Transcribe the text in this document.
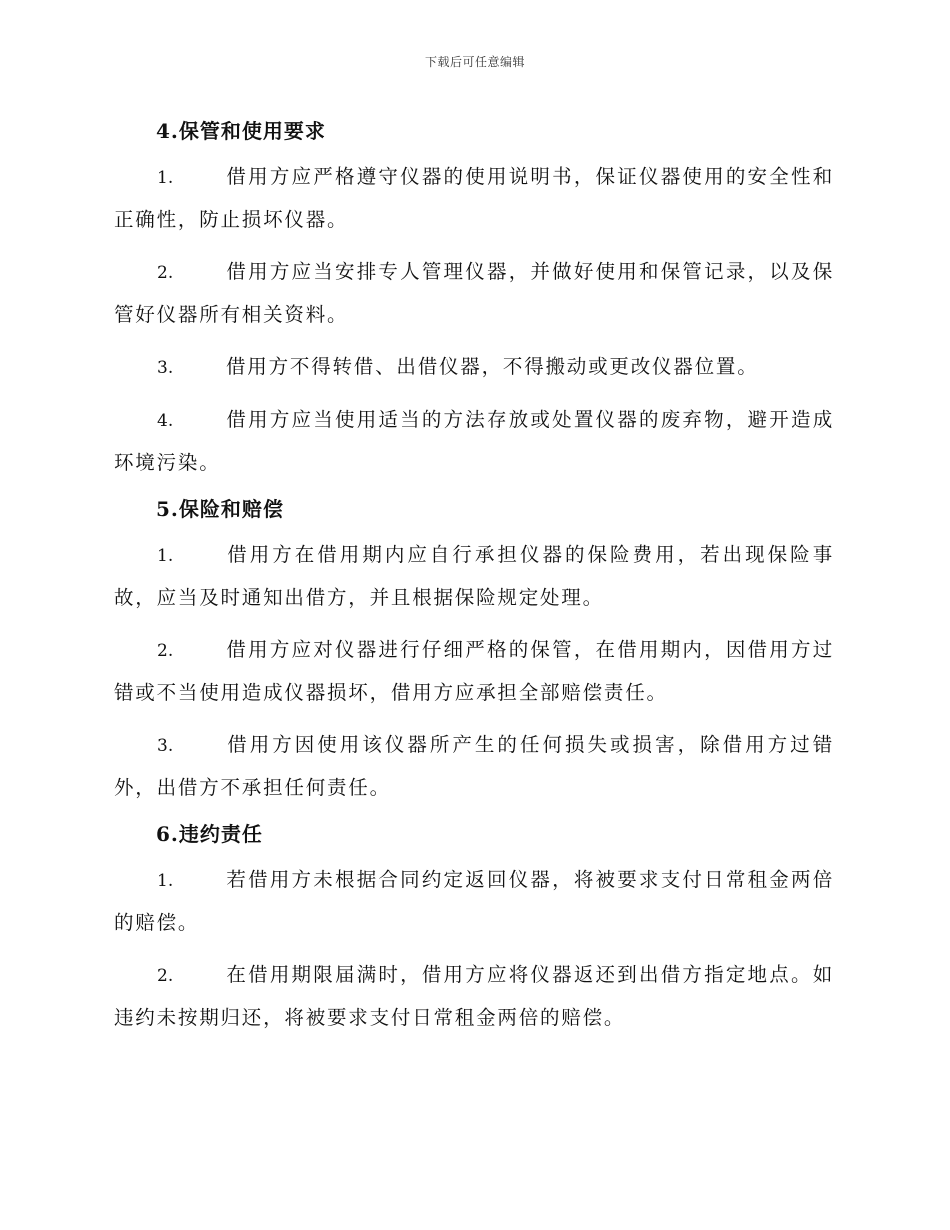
下载后可任意编辑
4.保管和使用要求
1.	借用方应严格遵守仪器的使用说明书，保证仪器使用的安全性和正确性，防止损坏仪器。
2.	借用方应当安排专人管理仪器，并做好使用和保管记录，以及保管好仪器所有相关资料。
3.	借用方不得转借、出借仪器，不得搬动或更改仪器位置。
4.	借用方应当使用适当的方法存放或处置仪器的废弃物，避开造成环境污染。
5.保险和赔偿
1.	借用方在借用期内应自行承担仪器的保险费用，若出现保险事故，应当及时通知出借方，并且根据保险规定处理。
2.	借用方应对仪器进行仔细严格的保管，在借用期内，因借用方过错或不当使用造成仪器损坏，借用方应承担全部赔偿责任。
3.	借用方因使用该仪器所产生的任何损失或损害，除借用方过错外，出借方不承担任何责任。
6.违约责任
1.	若借用方未根据合同约定返回仪器，将被要求支付日常租金两倍的赔偿。
2.	在借用期限届满时，借用方应将仪器返还到出借方指定地点。如违约未按期归还，将被要求支付日常租金两倍的赔偿。
